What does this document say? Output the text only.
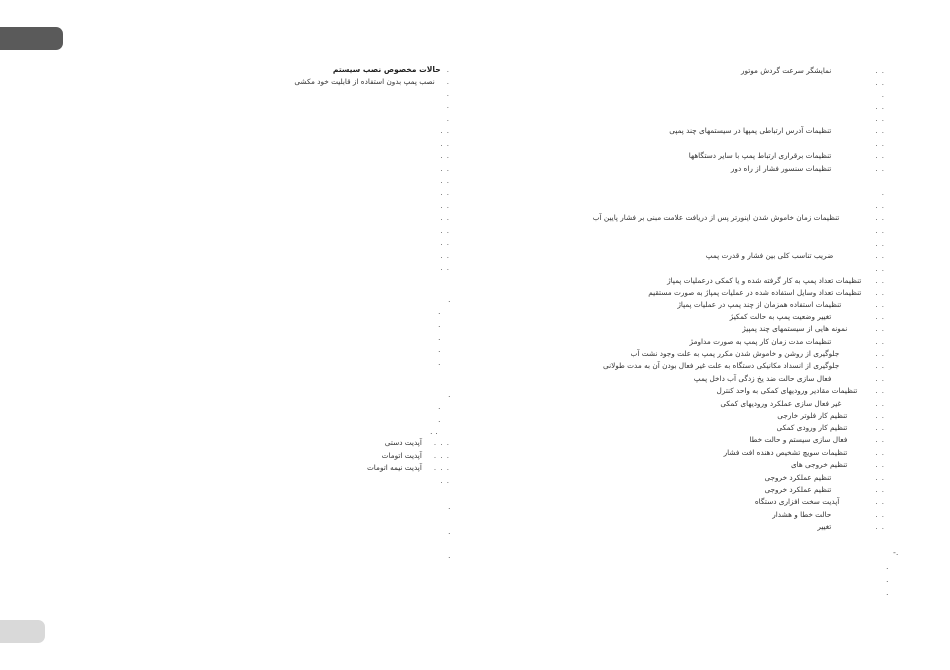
. .
نمایشگر سرعت گردش موتور
. .
.
. .
. .
. .
تنظیمات آدرس ارتباطی پمپها در سیستمهای چند پمپی
. .
. .
تنظیمات برقراری ارتباط پمپ با سایر دستگاهها
. .
تنظیمات سنسور فشار از راه دور
.
. .
. .
تنظیمات زمان خاموش شدن اینورتر پس از دریافت علامت مبنی بر فشار پایین آب
. .
. .
. .
ضریب تناسب کلی بین فشار و قدرت پمپ
. .
. .
تنظیمات تعداد پمپ به کار گرفته شده و یا کمکی درعملیات پمپاژ
. .
تنظیمات تعداد وسایل استفاده شده در عملیات پمپاژ به صورت مستقیم
. .
تنظیمات استفاده همزمان از چند پمپ در عملیات پمپاژ
. .
تغییر وضعیت پمپ به حالت کمکیژ
. .
نمونه هایی از سیستمهای چند پمپیژ
. .
تنظیمات مدت زمان کار پمپ به صورت مداومژ
. .
جلوگیری از روشن و خاموش شدن مکرر پمپ به علت وجود نشت آب
. .
جلوگیری از انسداد مکانیکی دستگاه به علت غیر فعال بودن آن به مدت طولانی
. .
فعال سازی حالت ضد یخ زدگی آب داخل پمپ
. .
تنظیمات مقادیر ورودیهای کمکی به واحد کنترل
. .
غیر فعال سازی عملکرد ورودیهای کمکی
. .
تنظیم کار فلوتر خارجی
. .
تنظیم کار ورودی کمکی
. .
فعال سازی سیستم و حالت خطا
. .
تنظیمات سویچ تشخیص دهنده افت فشار
. .
تنظیم خروجی های
. .
تنظیم عملکرد خروجی
. .
تنظیم عملکرد خروجی
. .
آپدیت سخت افزاری دستگاه
. .
حالت خطا و هشدار
. .
تغییر
.
حالات مخصوص نصب سیستم
.
نصب پمپ بدون استفاده از قابلیت خود مکشی
.
.
.
. .
. .
. .
. .
. .
. .
. .
. .
. .
. .
. .
. .
. . .
آپدیت دستی
. . .
آپدیت اتومات
. . .
آپدیت نیمه اتومات
. .
.
.
.
.
.
.
.
.
.
. .
.
.
.	-.
.
.
.
